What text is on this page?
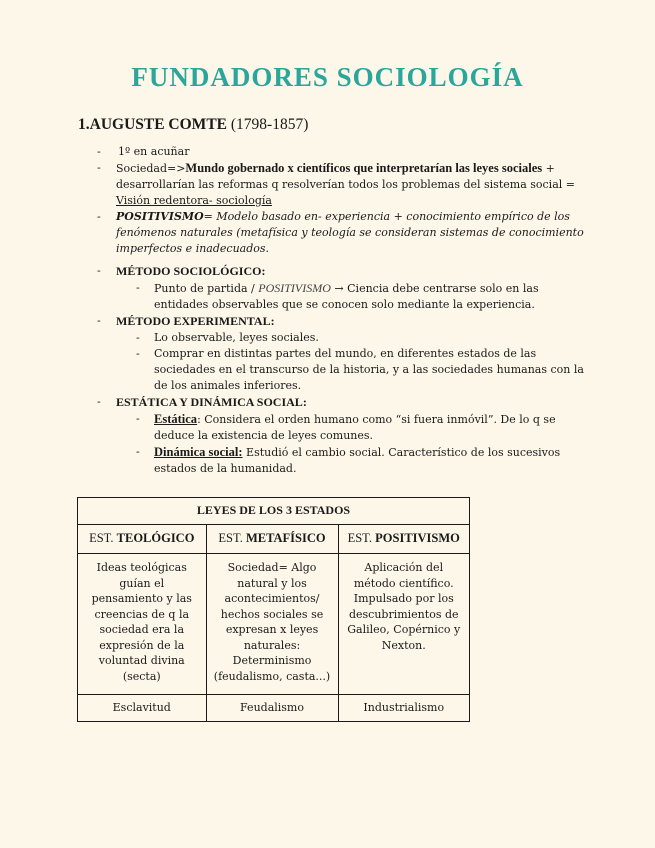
FUNDADORES SOCIOLOGÍA
1.AUGUSTE COMTE (1798-1857)
- 1º en acuñar
- Sociedad=>Mundo gobernado x científicos que interpretarían las leyes sociales + desarrollarían las reformas q resolverían todos los problemas del sistema social = Visión redentora- sociología
- POSITIVISMO= Modelo basado en- experiencia + conocimiento empírico de los fenómenos naturales (metafísica y teología se consideran sistemas de conocimiento imperfectos e inadecuados.
- MÉTODO SOCIOLÓGICO:
- Punto de partida / POSITIVISMO → Ciencia debe centrarse solo en las entidades observables que se conocen solo mediante la experiencia.
- MÉTODO EXPERIMENTAL:
- Lo observable, leyes sociales.
- Comprar en distintas partes del mundo, en diferentes estados de las sociedades en el transcurso de la historia, y a las sociedades humanas con la de los animales inferiores.
- ESTÁTICA Y DINÁMICA SOCIAL:
- Estática: Considera el orden humano como “si fuera inmóvil”. De lo q se deduce la existencia de leyes comunes.
- Dinámica social: Estudió el cambio social. Característico de los sucesivos estados de la humanidad.
LEYES DE LOS 3 ESTADOS		
EST. TEOLÓGICO	EST. METAFÍSICO	EST. POSITIVISMO
Ideas teológicas guían el pensamiento y las creencias de q la sociedad era la expresión de la voluntad divina (secta)	Sociedad= Algo natural y los acontecimientos/ hechos sociales se expresan x leyes naturales: Determinismo (feudalismo, casta...)	Aplicación del método científico. Impulsado por los descubrimientos de Galileo, Copérnico y Nexton.
Esclavitud	Feudalismo	Industrialismo
